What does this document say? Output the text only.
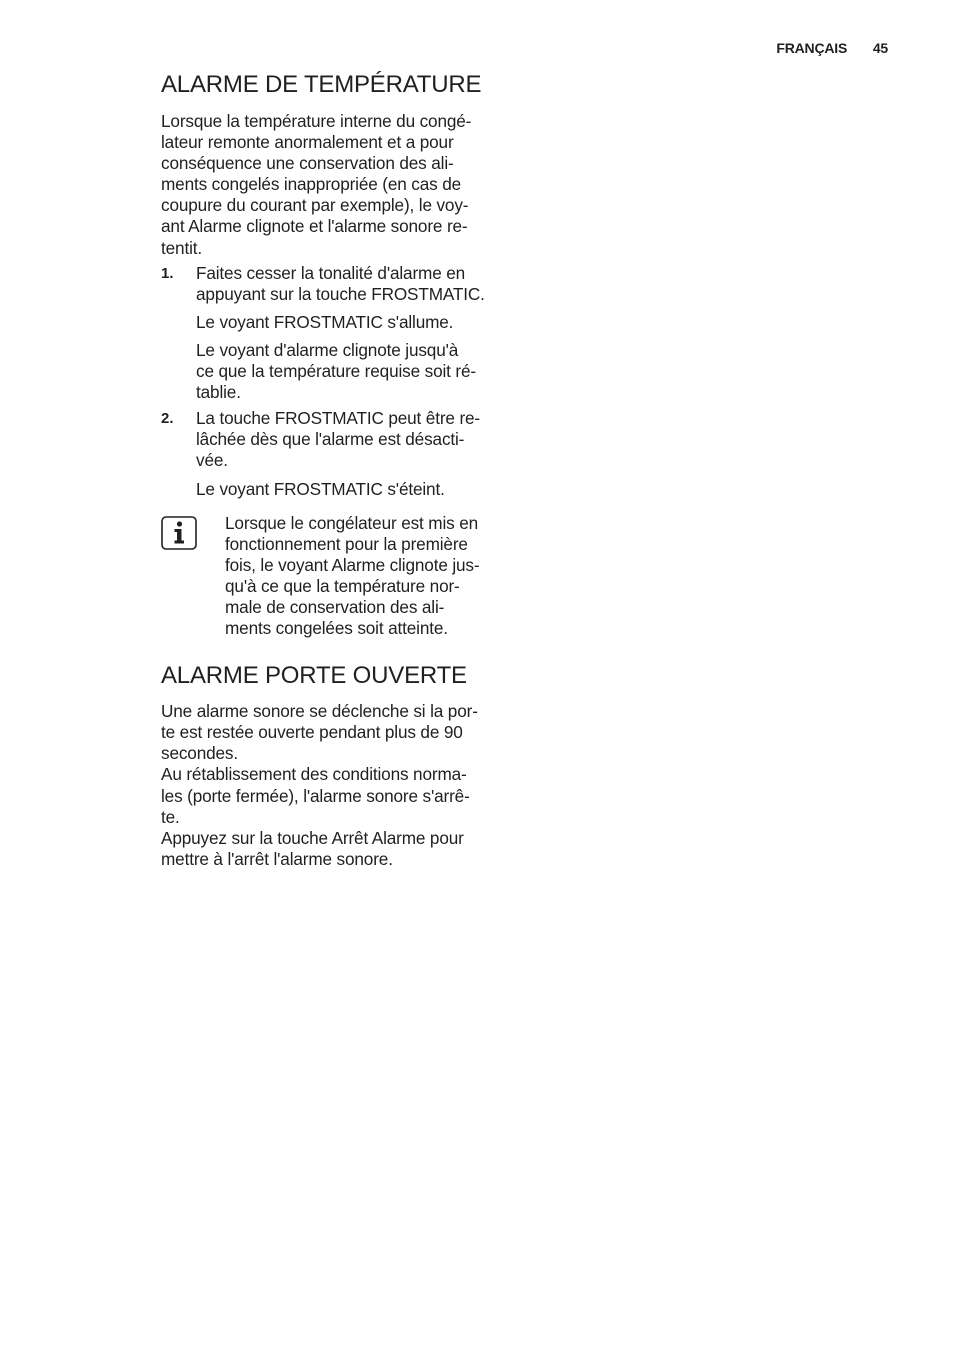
FRANÇAIS 45
ALARME DE TEMPÉRATURE
Lorsque la température interne du congé-
lateur remonte anormalement et a pour
conséquence une conservation des ali-
ments congelés inappropriée (en cas de
coupure du courant par exemple), le voy-
ant Alarme clignote et l'alarme sonore re-
tentit.
1. Faites cesser la tonalité d'alarme en
appuyant sur la touche FROSTMATIC.
Le voyant FROSTMATIC s'allume.
Le voyant d'alarme clignote jusqu'à
ce que la température requise soit ré-
tablie.
2. La touche FROSTMATIC peut être re-
lâchée dès que l'alarme est désacti-
vée.
Le voyant FROSTMATIC s'éteint.
Lorsque le congélateur est mis en
fonctionnement pour la première
fois, le voyant Alarme clignote jus-
qu'à ce que la température nor-
male de conservation des ali-
ments congelées soit atteinte.
ALARME PORTE OUVERTE
Une alarme sonore se déclenche si la por-
te est restée ouverte pendant plus de 90
secondes.
Au rétablissement des conditions norma-
les (porte fermée), l'alarme sonore s'arrê-
te.
Appuyez sur la touche Arrêt Alarme pour
mettre à l'arrêt l'alarme sonore.
